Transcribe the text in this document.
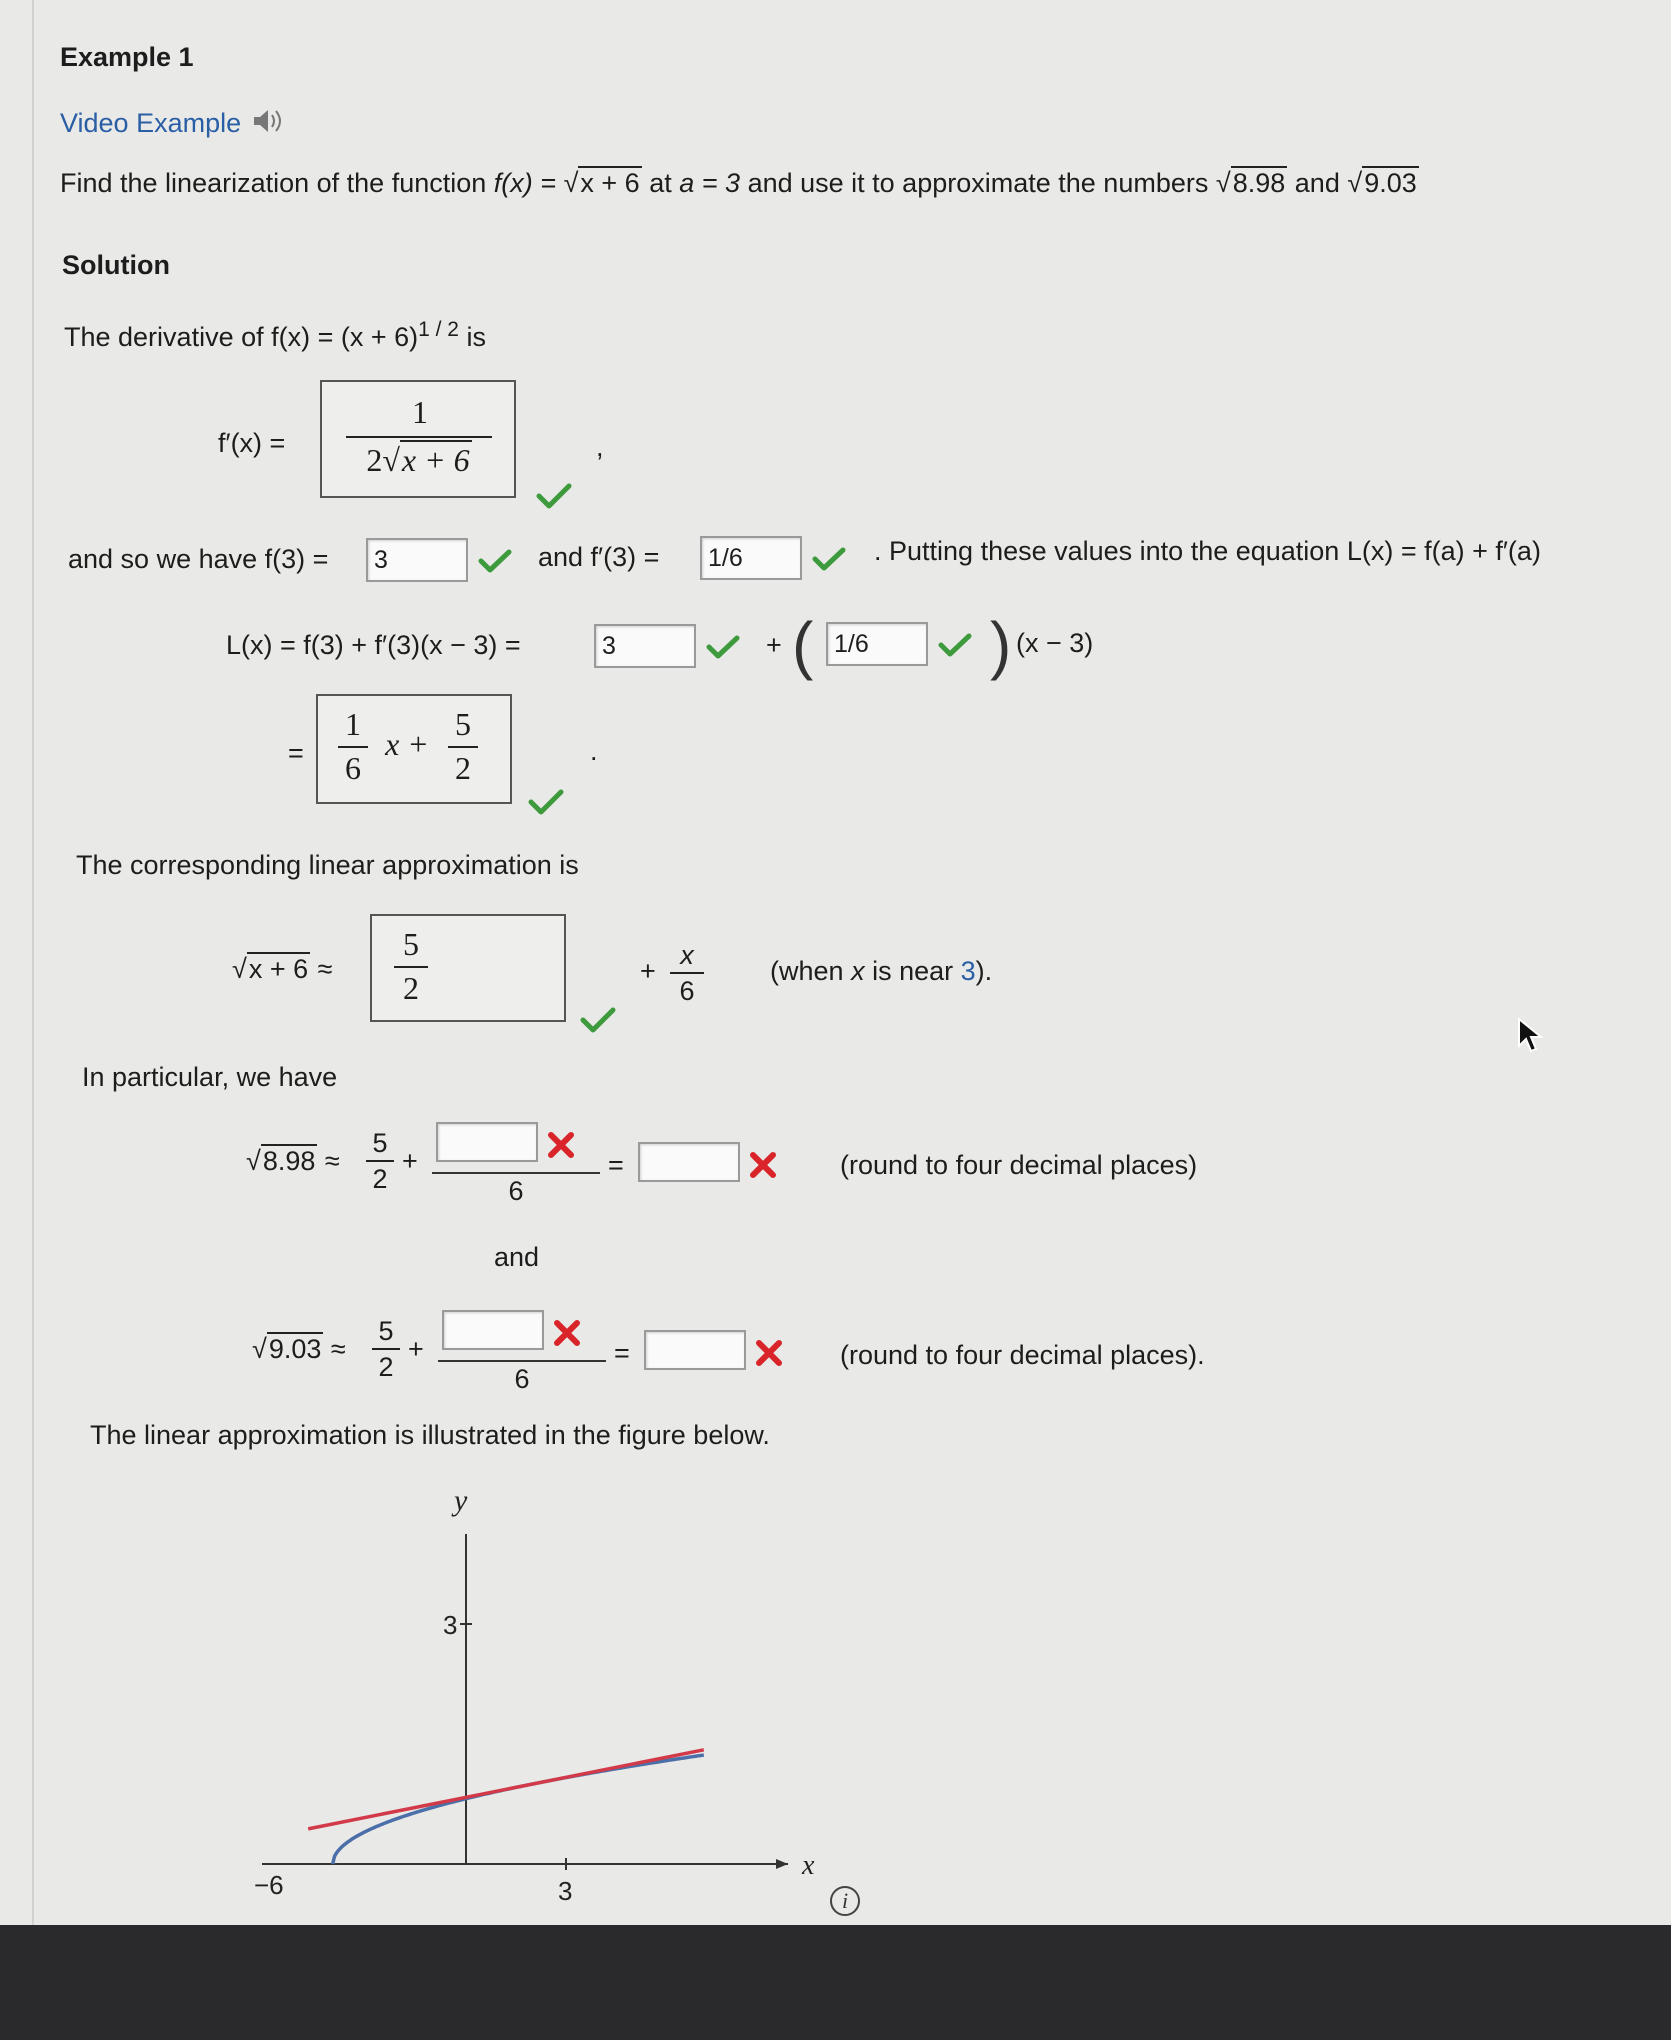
Example 1
Video Example
Find the linearization of the function f(x) = √x + 6 at a = 3 and use it to approximate the numbers √8.98 and √9.03
Solution
The derivative of $f(x) = (x + 6)^{1 / 2}$ is
f′(x) =
1
2√x + 6	,
and so we have f(3) =	3	and f′(3) =	1/6	. Putting these values into the equation L(x) = f(a) + f′(a)
L(x) = f(3) + f′(3)(x − 3) =	3	+ ( 1/6	) (x − 3)
=
1
6
x +
5
2	.
The corresponding linear approximation is
√x + 6 ≈
5
2	+
x
6
(when x is near 3).
In particular, we have
√8.98 ≈
5
2
+
6
=	(round to four decimal places)
and
√9.03 ≈
5
2
+
6
=	(round to four decimal places).
The linear approximation is illustrated in the figure below.
y
x
3
−6	3	i
